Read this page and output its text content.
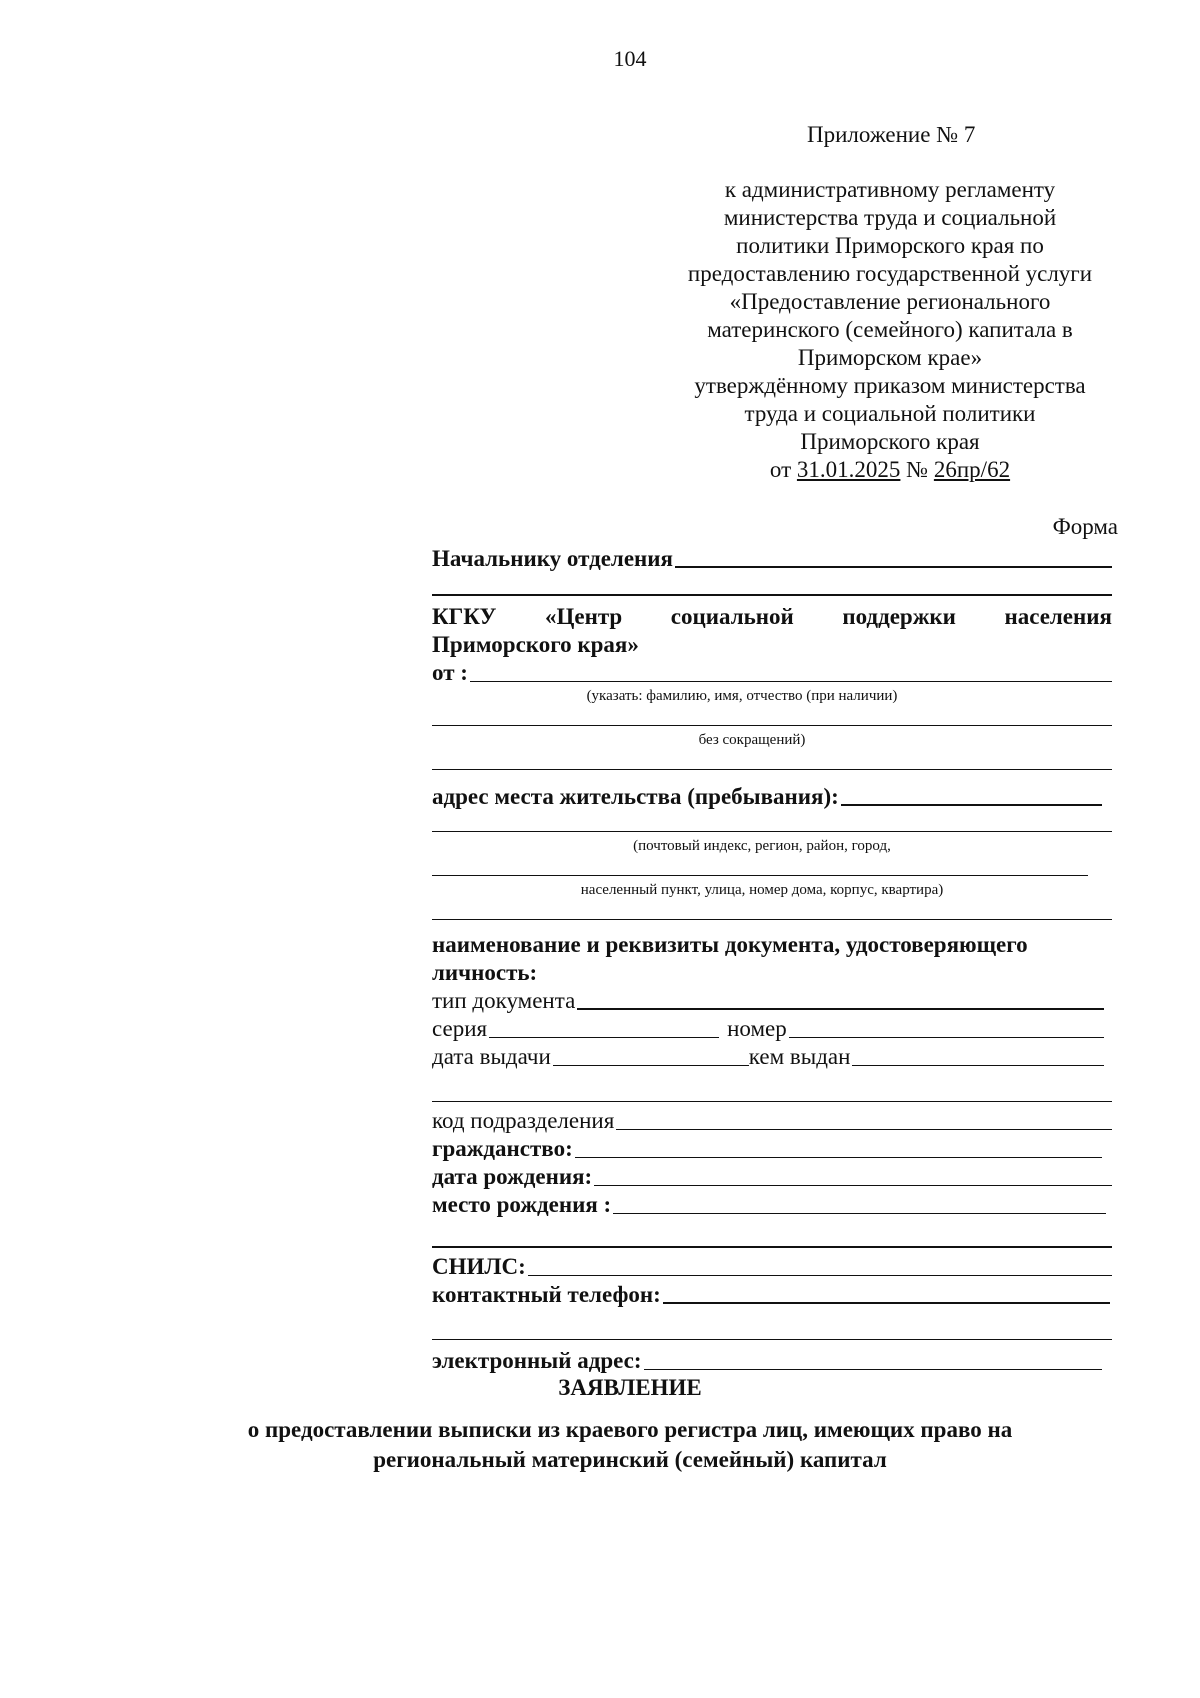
104
Приложение № 7
к административному регламенту
министерства труда и социальной
политики Приморского края по
предоставлению государственной услуги
«Предоставление регионального
материнского (семейного) капитала в
Приморском крае»
утверждённому приказом министерства
труда и социальной политики
Приморского края
от 31.01.2025 № 26пр/62
Форма
Начальнику отделения
КГКУ «Центр социальной поддержки населения
Приморского края»
от :
(указать: фамилию, имя, отчество (при наличии)
без сокращений)
адрес места жительства (пребывания):
(почтовый индекс, регион, район, город,
населенный пункт, улица, номер дома, корпус, квартира)
наименование и реквизиты документа, удостоверяющего
личность:
тип документа
серия	номер
дата выдачи	кем выдан
код подразделения
гражданство:
дата рождения:
место рождения :
СНИЛС:
контактный телефон:
электронный адрес:
ЗАЯВЛЕНИЕ
о предоставлении выписки из краевого регистра лиц, имеющих право на
региональный материнский (семейный) капитал
